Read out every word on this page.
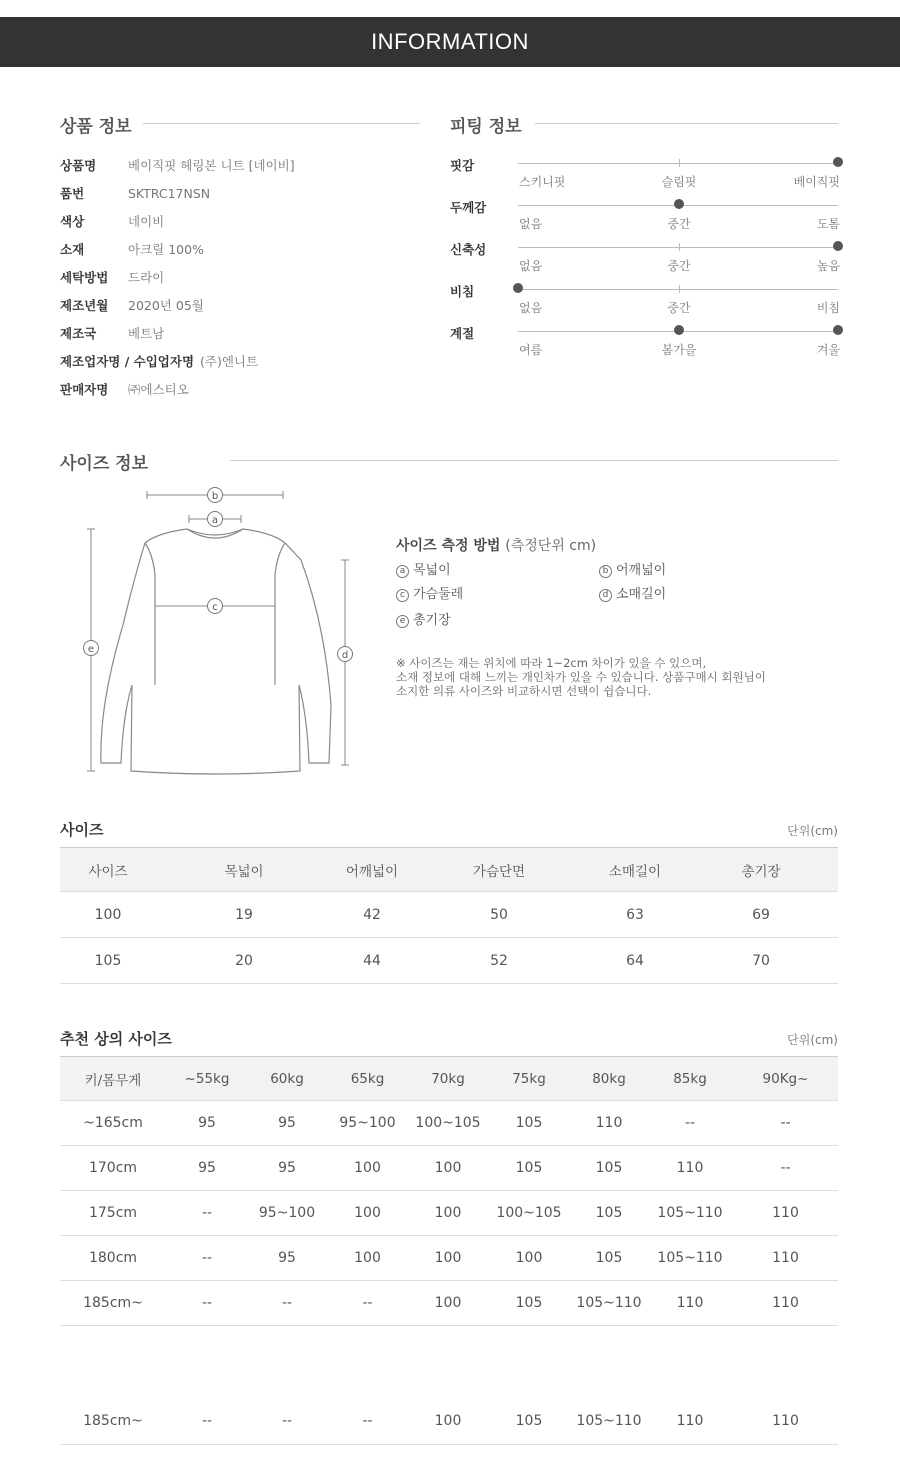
INFORMATION
상품 정보
상품명	베이직핏 헤링본 니트 [네이비]
품번	SKTRC17NSN
색상	네이비
소재	아크릴 100%
세탁방법 드라이
제조년월 2020년 05월
제조국	베트남
제조업자명 / 수입업자명 (주)엔니트
판매자명 ㈜에스티오
피팅 정보
핏감
스키니핏	슬림핏	베이직핏
두께감
없음	중간	도톰
신축성
없음	중간	높음
비침
없음	중간	비침
계절
여름	봄가을	겨울
사이즈 정보
b
a
c
e
d
사이즈 측정 방법 (측정단위 cm)
a 목넓이	b 어깨넓이
c 가슴둘레	d 소매길이
e 총기장
※ 사이즈는 재는 위치에 따라 1~2cm 차이가 있을 수 있으며,
소재 정보에 대해 느끼는 개인차가 있을 수 있습니다. 상품구매시 회원님이
소지한 의류 사이즈와 비교하시면 선택이 쉽습니다.
사이즈	단위(cm)
사이즈	목넓이	어깨넓이	가슴단면	소매길이	총기장
100	19	42	50	63	69
105	20	44	52	64	70
추천 상의 사이즈	단위(cm)
키/몸무게	~55kg	60kg	65kg	70kg	75kg	80kg	85kg	90Kg~
~165cm	95	95	95~100	100~105	105	110	--	--
170cm	95	95	100	100	105	105	110	--
175cm	--	95~100	100	100	100~105	105	105~110	110
180cm	--	95	100	100	100	105	105~110	110
185cm~	--	--	--	100	105	105~110	110	110
185cm~	--	--	--	100	105	105~110	110	110
